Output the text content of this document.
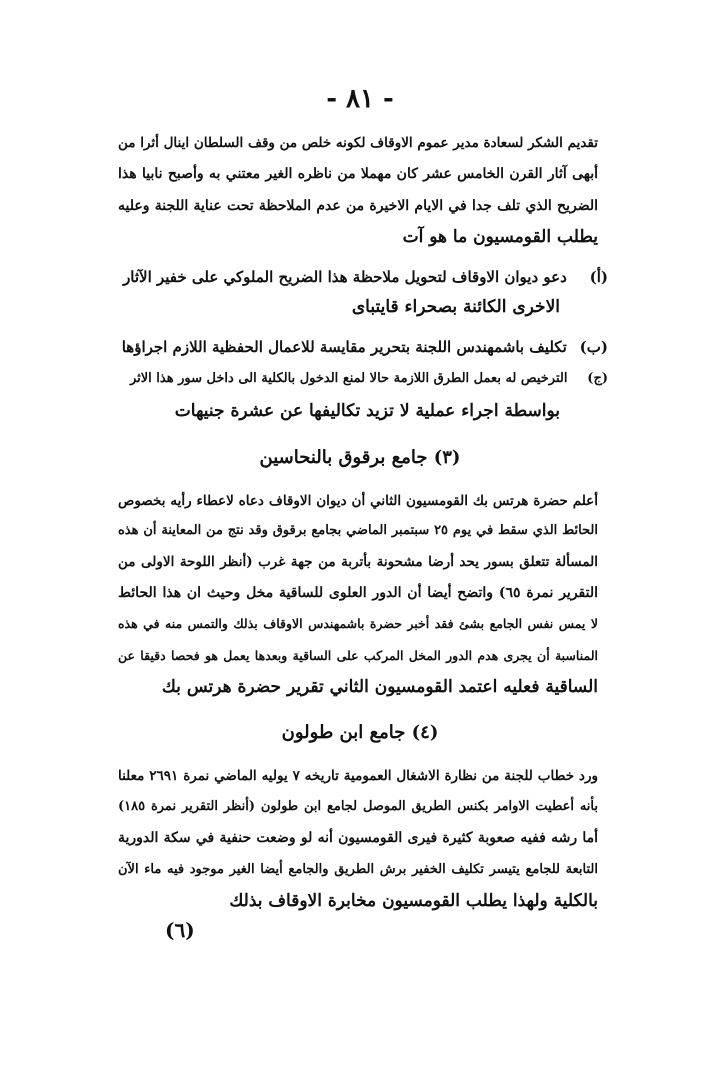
- ٨١ -
تقديم الشكر لسعادة مدير عموم الاوقاف لكونه خلص من وقف السلطان اينال أثرا من
أبهى آثار القرن الخامس عشر كان مهملا من ناظره الغير معتني به وأصبح نابيا هذا
الضريح الذي تلف جدا في الايام الاخيرة من عدم الملاحظة تحت عناية اللجنة وعليه
يطلب القومسيون ما هو آت
(أ) دعو ديوان الاوقاف لتحويل ملاحظة هذا الضريح الملوكي على خفير الآثار
الاخرى الكائنة بصحراء قايتباى
(ب) تكليف باشمهندس اللجنة بتحرير مقايسة للاعمال الحفظية اللازم اجراؤها
(ج) الترخيص له بعمل الطرق اللازمة حالا لمنع الدخول بالكلية الى داخل سور هذا الاثر
بواسطة اجراء عملية لا تزيد تكاليفها عن عشرة جنيهات
(٣) جامع برقوق بالنحاسين
أعلم حضرة هرتس بك القومسيون الثاني أن ديوان الاوقاف دعاه لاعطاء رأيه بخصوص
الحائط الذي سقط في يوم ٢٥ سبتمبر الماضي بجامع برقوق وقد نتج من المعاينة أن هذه
المسألة تتعلق بسور يحد أرضا مشحونة بأتربة من جهة غرب (أنظر اللوحة الاولى من
التقرير نمرة ٦٥) واتضح أيضا أن الدور العلوى للساقية مخل وحيث ان هذا الحائط
لا يمس نفس الجامع بشئ فقد أخبر حضرة باشمهندس الاوقاف بذلك والتمس منه في هذه
المناسبة أن يجرى هدم الدور المخل المركب على الساقية وبعدها يعمل هو فحصا دقيقا عن
الساقية فعليه اعتمد القومسيون الثاني تقرير حضرة هرتس بك
(٤) جامع ابن طولون
ورد خطاب للجنة من نظارة الاشغال العمومية تاريخه ٧ يوليه الماضي نمرة ٢٦٩١ معلنا
بأنه أعطيت الاوامر بكنس الطريق الموصل لجامع ابن طولون (أنظر التقرير نمرة ١٨٥)
أما رشه ففيه صعوبة كثيرة فيرى القومسيون أنه لو وضعت حنفية في سكة الدورية
التابعة للجامع يتيسر تكليف الخفير برش الطريق والجامع أيضا الغير موجود فيه ماء الآن
بالكلية ولهذا يطلب القومسيون مخابرة الاوقاف بذلك
(٦)
